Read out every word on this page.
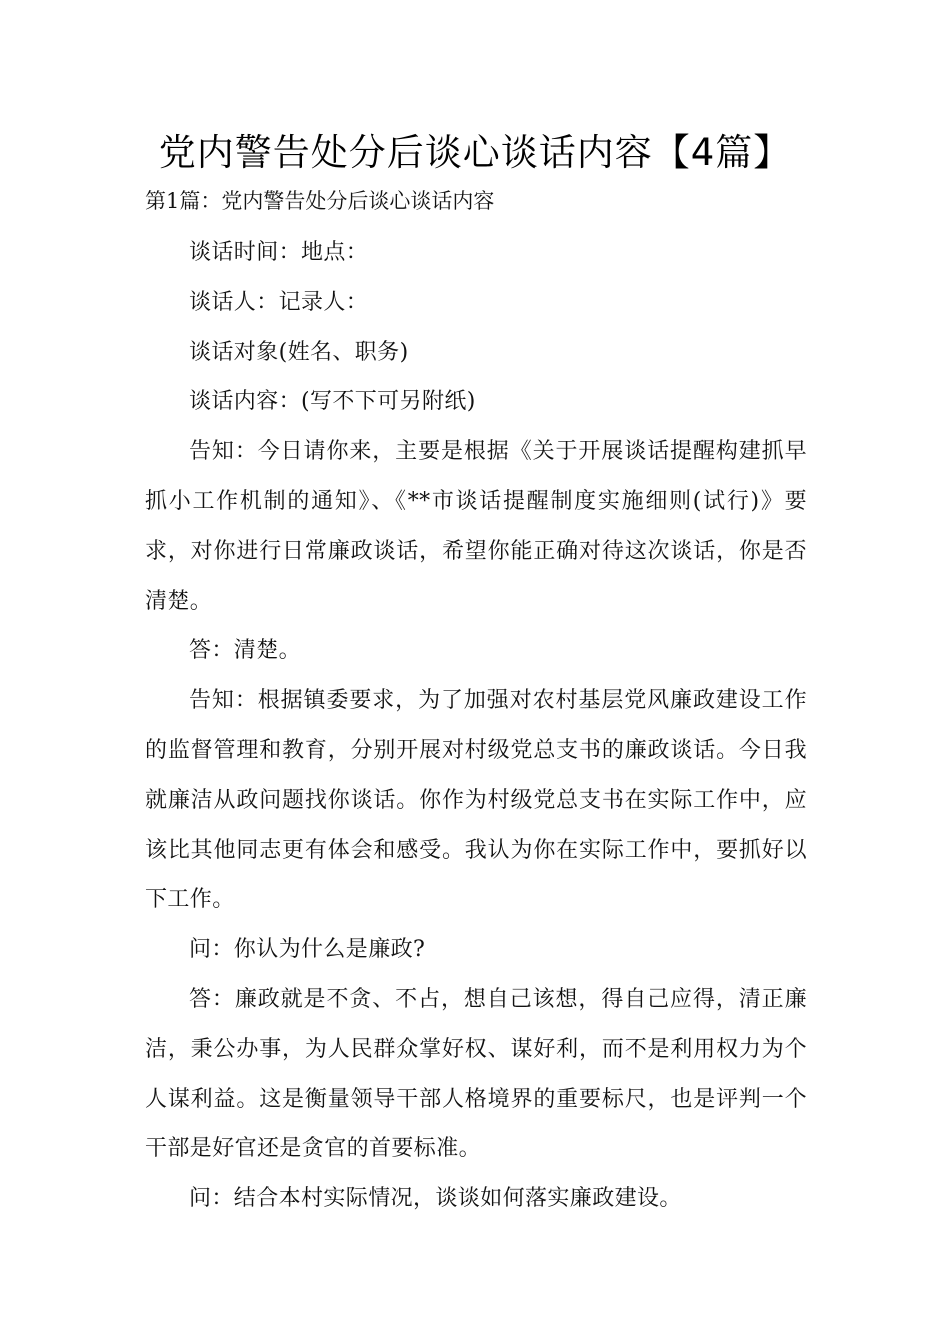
党内警告处分后谈心谈话内容【4篇】
第1篇：党内警告处分后谈心谈话内容

谈话时间：地点：

谈话人：记录人：

谈话对象(姓名、职务)

谈话内容：(写不下可另附纸)

告知：今日请你来，主要是根据《关于开展谈话提醒构建抓早抓小工作机制的通知》、《**市谈话提醒制度实施细则(试行)》要求，对你进行日常廉政谈话，希望你能正确对待这次谈话，你是否清楚。

答：清楚。

告知：根据镇委要求，为了加强对农村基层党风廉政建设工作的监督管理和教育，分别开展对村级党总支书的廉政谈话。今日我就廉洁从政问题找你谈话。你作为村级党总支书在实际工作中，应该比其他同志更有体会和感受。我认为你在实际工作中，要抓好以下工作。

问：你认为什么是廉政?

答：廉政就是不贪、不占，想自己该想，得自己应得，清正廉洁，秉公办事，为人民群众掌好权、谋好利，而不是利用权力为个人谋利益。这是衡量领导干部人格境界的重要标尺，也是评判一个干部是好官还是贪官的首要标准。

问：结合本村实际情况，谈谈如何落实廉政建设。
